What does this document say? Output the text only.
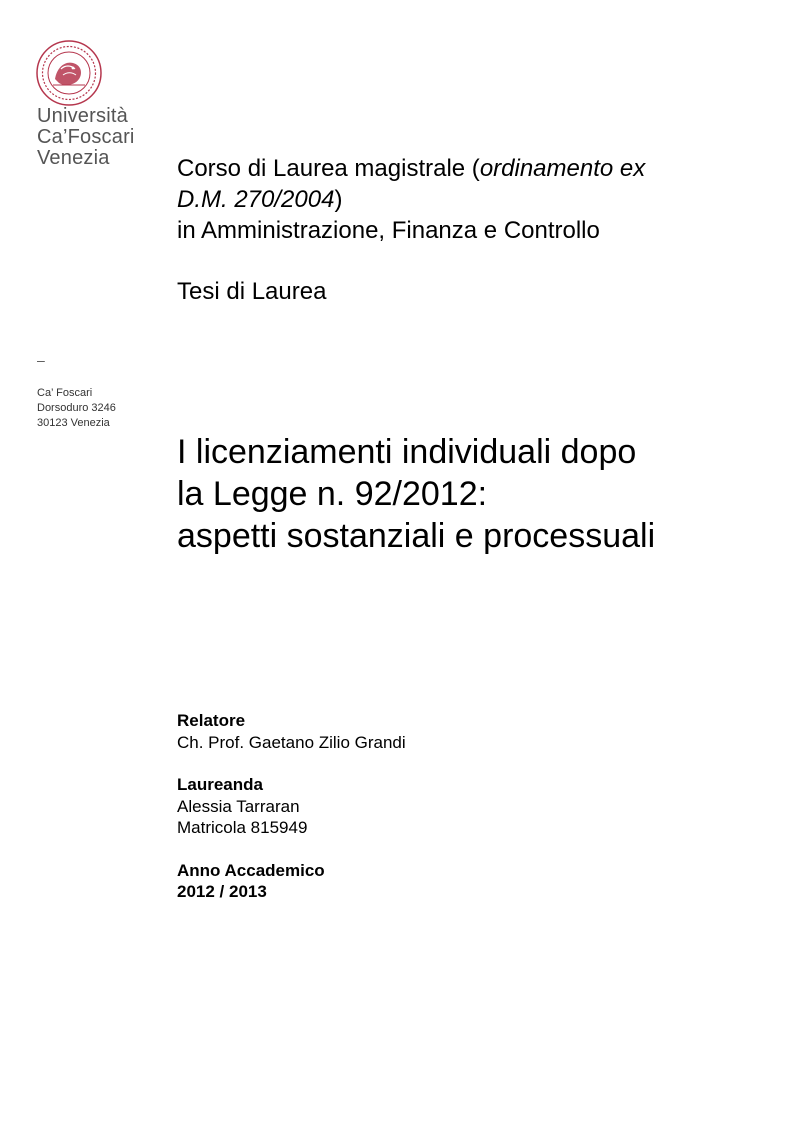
Università
Ca’Foscari
Venezia
–
Ca’ Foscari
Dorsoduro 3246
30123 Venezia
Corso di Laurea magistrale (ordinamento ex
D.M. 270/2004)
in Amministrazione, Finanza e Controllo
Tesi di Laurea
I licenziamenti individuali dopo
la Legge n. 92/2012:
aspetti sostanziali e processuali
Relatore
Ch. Prof. Gaetano Zilio Grandi
Laureanda
Alessia Tarraran
Matricola 815949
Anno Accademico
2012 / 2013
